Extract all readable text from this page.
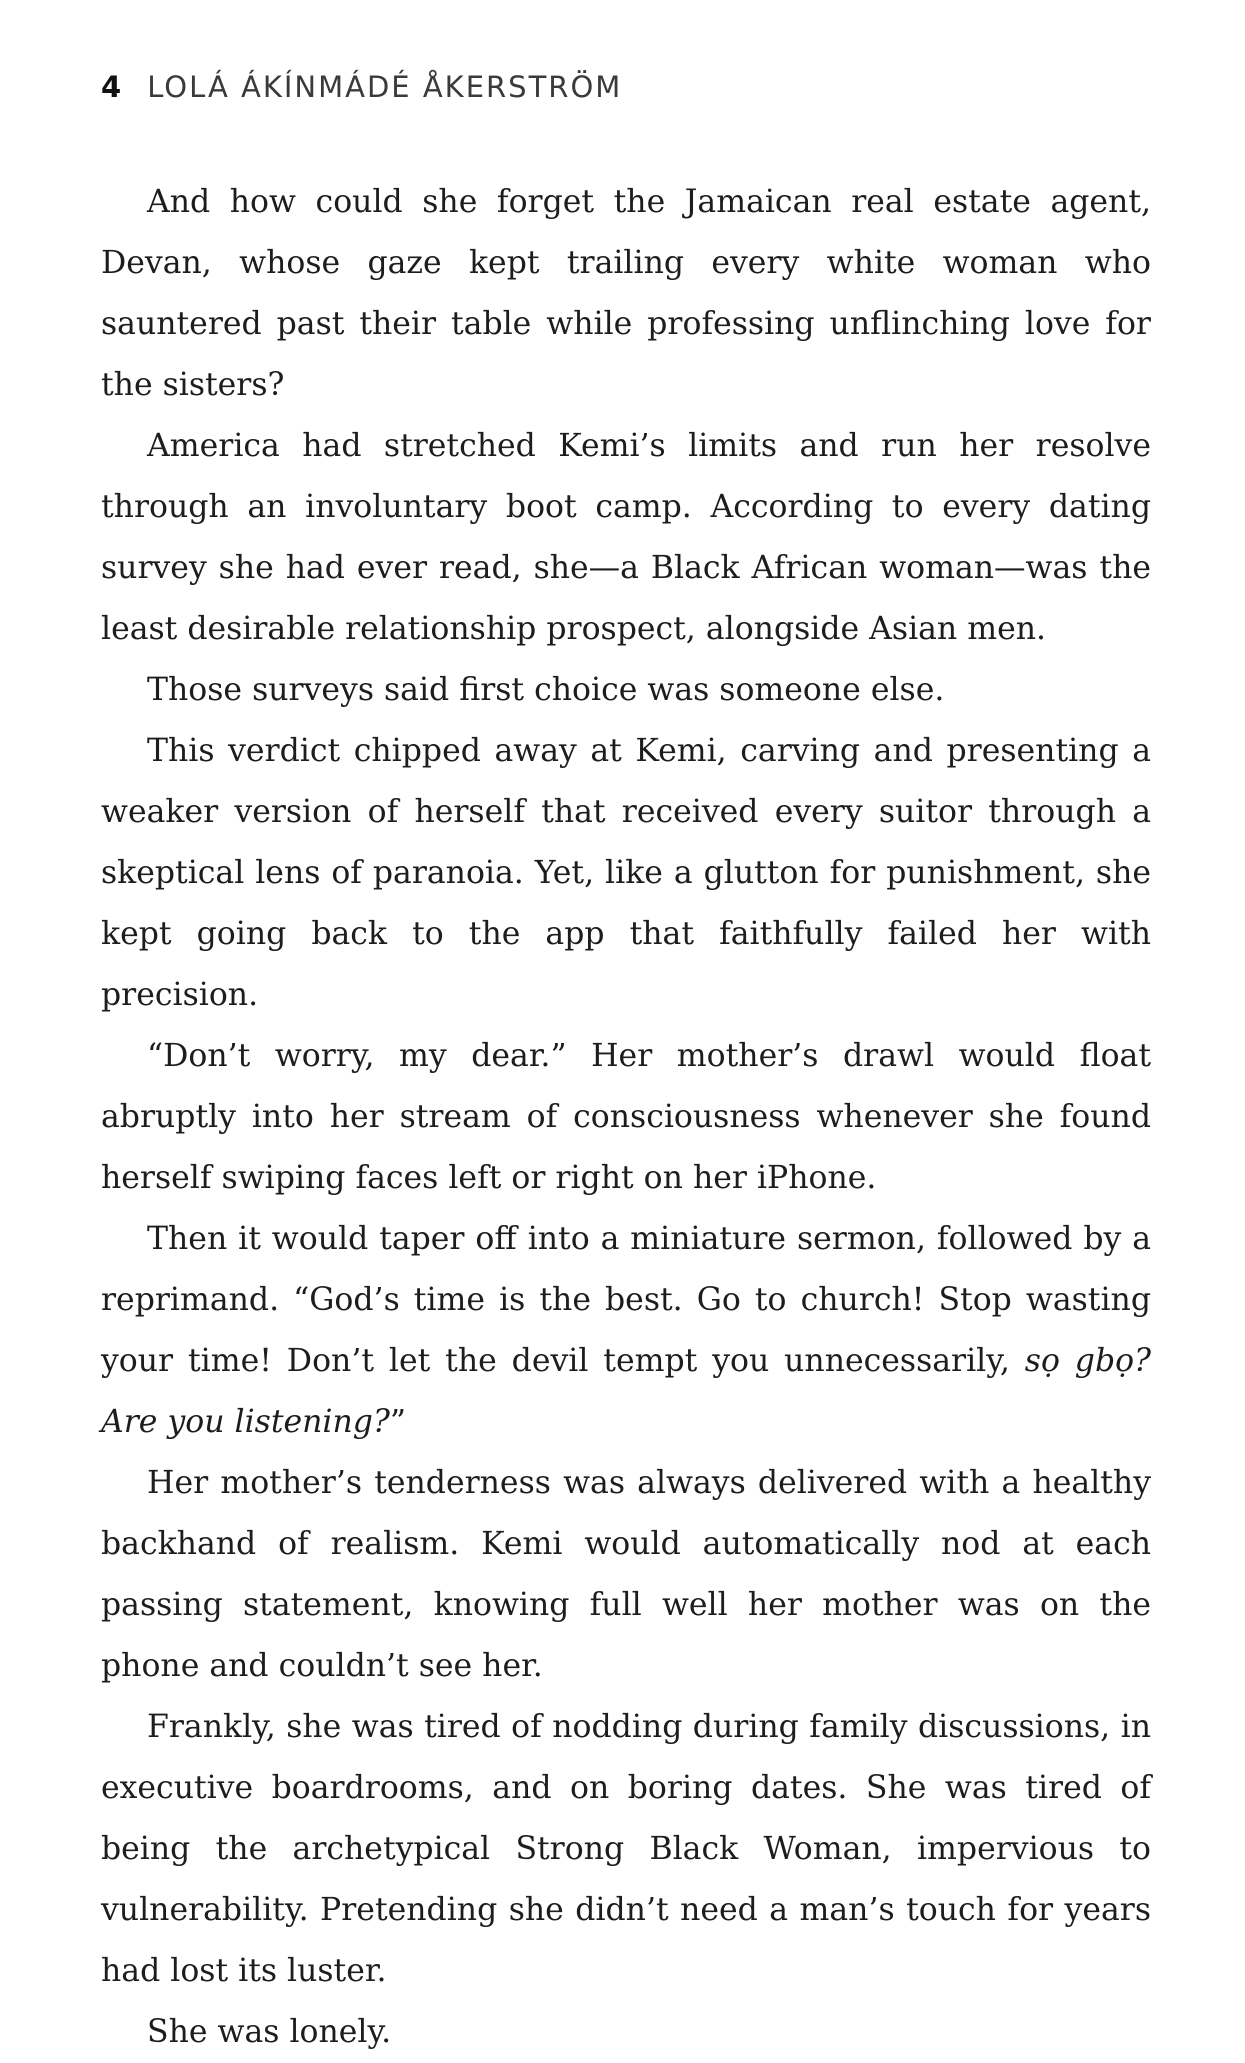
4 LOLÁ ÁKÍNMÁDÉ ÅKERSTRÖM

And how could she forget the Jamaican real estate agent, Devan, whose gaze kept trailing every white woman who sauntered past their table while professing unflinching love for the sisters?

America had stretched Kemi’s limits and run her resolve through an involuntary boot camp. According to every dating survey she had ever read, she—a Black African woman—was the least desirable relationship prospect, alongside Asian men.

Those surveys said first choice was someone else.

This verdict chipped away at Kemi, carving and presenting a weaker version of herself that received every suitor through a skeptical lens of paranoia. Yet, like a glutton for punishment, she kept going back to the app that faithfully failed her with precision.

“Don’t worry, my dear.” Her mother’s drawl would float abruptly into her stream of consciousness whenever she found herself swiping faces left or right on her iPhone.

Then it would taper off into a miniature sermon, followed by a reprimand. “God’s time is the best. Go to church! Stop wasting your time! Don’t let the devil tempt you unnecessarily, sọ gbọ? Are you listening?”

Her mother’s tenderness was always delivered with a healthy backhand of realism. Kemi would automatically nod at each passing statement, knowing full well her mother was on the phone and couldn’t see her.

Frankly, she was tired of nodding during family discussions, in executive boardrooms, and on boring dates. She was tired of being the archetypical Strong Black Woman, impervious to vulnerability. Pretending she didn’t need a man’s touch for years had lost its luster.

She was lonely.
